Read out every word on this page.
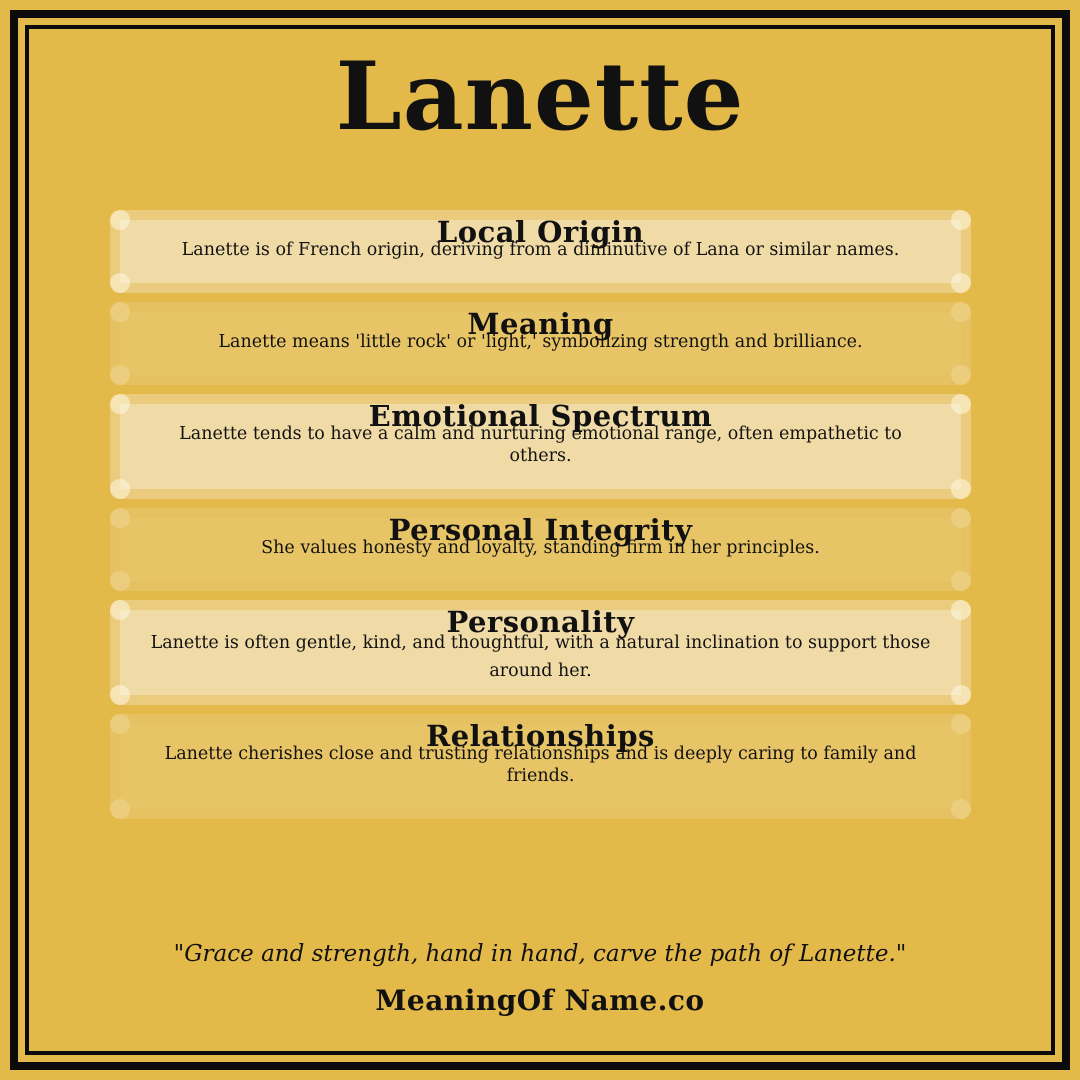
Lanette
Local Origin
Lanette is of French origin, deriving from a diminutive of Lana or similar names.
Meaning
Lanette means 'little rock' or 'light,' symbolizing strength and brilliance.
Emotional Spectrum
Lanette tends to have a calm and nurturing emotional range, often empathetic to others.
Personal Integrity
She values honesty and loyalty, standing firm in her principles.
Personality
Lanette is often gentle, kind, and thoughtful, with a natural inclination to support those around her.
Relationships
Lanette cherishes close and trusting relationships and is deeply caring to family and friends.
"Grace and strength, hand in hand, carve the path of Lanette."
MeaningOf Name.co
